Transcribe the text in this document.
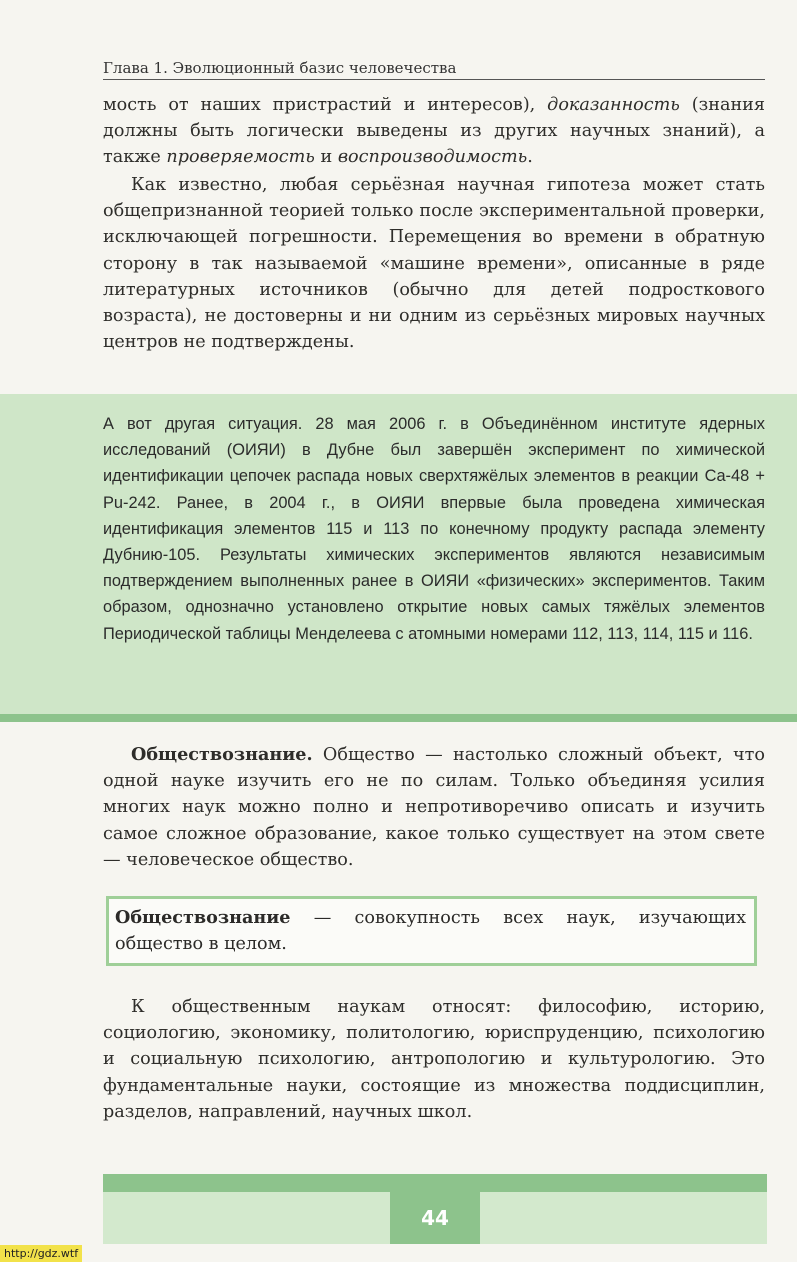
Глава 1. Эволюционный базис человечества

мость от наших пристрастий и интересов), доказанность (знания должны быть логически выведены из других научных знаний), а также проверяемость и воспроизводимость.

Как известно, любая серьёзная научная гипотеза может стать общепризнанной теорией только после экспериментальной проверки, исключающей погрешности. Перемещения во времени в обратную сторону в так называемой «машине времени», описанные в ряде литературных источников (обычно для детей подросткового возраста), не достоверны и ни одним из серьёзных мировых научных центров не подтверждены.

А вот другая ситуация. 28 мая 2006 г. в Объединённом институте ядерных исследований (ОИЯИ) в Дубне был завершён эксперимент по химической идентификации цепочек распада новых сверхтяжёлых элементов в реакции Ca-48 + Pu-242. Ранее, в 2004 г., в ОИЯИ впервые была проведена химическая идентификация элементов 115 и 113 по конечному продукту распада элементу Дубнию-105. Результаты химических экспериментов являются независимым подтверждением выполненных ранее в ОИЯИ «физических» экспериментов. Таким образом, однозначно установлено открытие новых самых тяжёлых элементов Периодической таблицы Менделеева с атомными номерами 112, 113, 114, 115 и 116.

Обществознание. Общество — настолько сложный объект, что одной науке изучить его не по силам. Только объединяя усилия многих наук можно полно и непротиворечиво описать и изучить самое сложное образование, какое только существует на этом свете — человеческое общество.

Обществознание — совокупность всех наук, изучающих общество в целом.

К общественным наукам относят: философию, историю, социологию, экономику, политологию, юриспруденцию, психологию и социальную психологию, антропологию и культурологию. Это фундаментальные науки, состоящие из множества поддисциплин, разделов, направлений, научных школ.

44
http://gdz.wtf
